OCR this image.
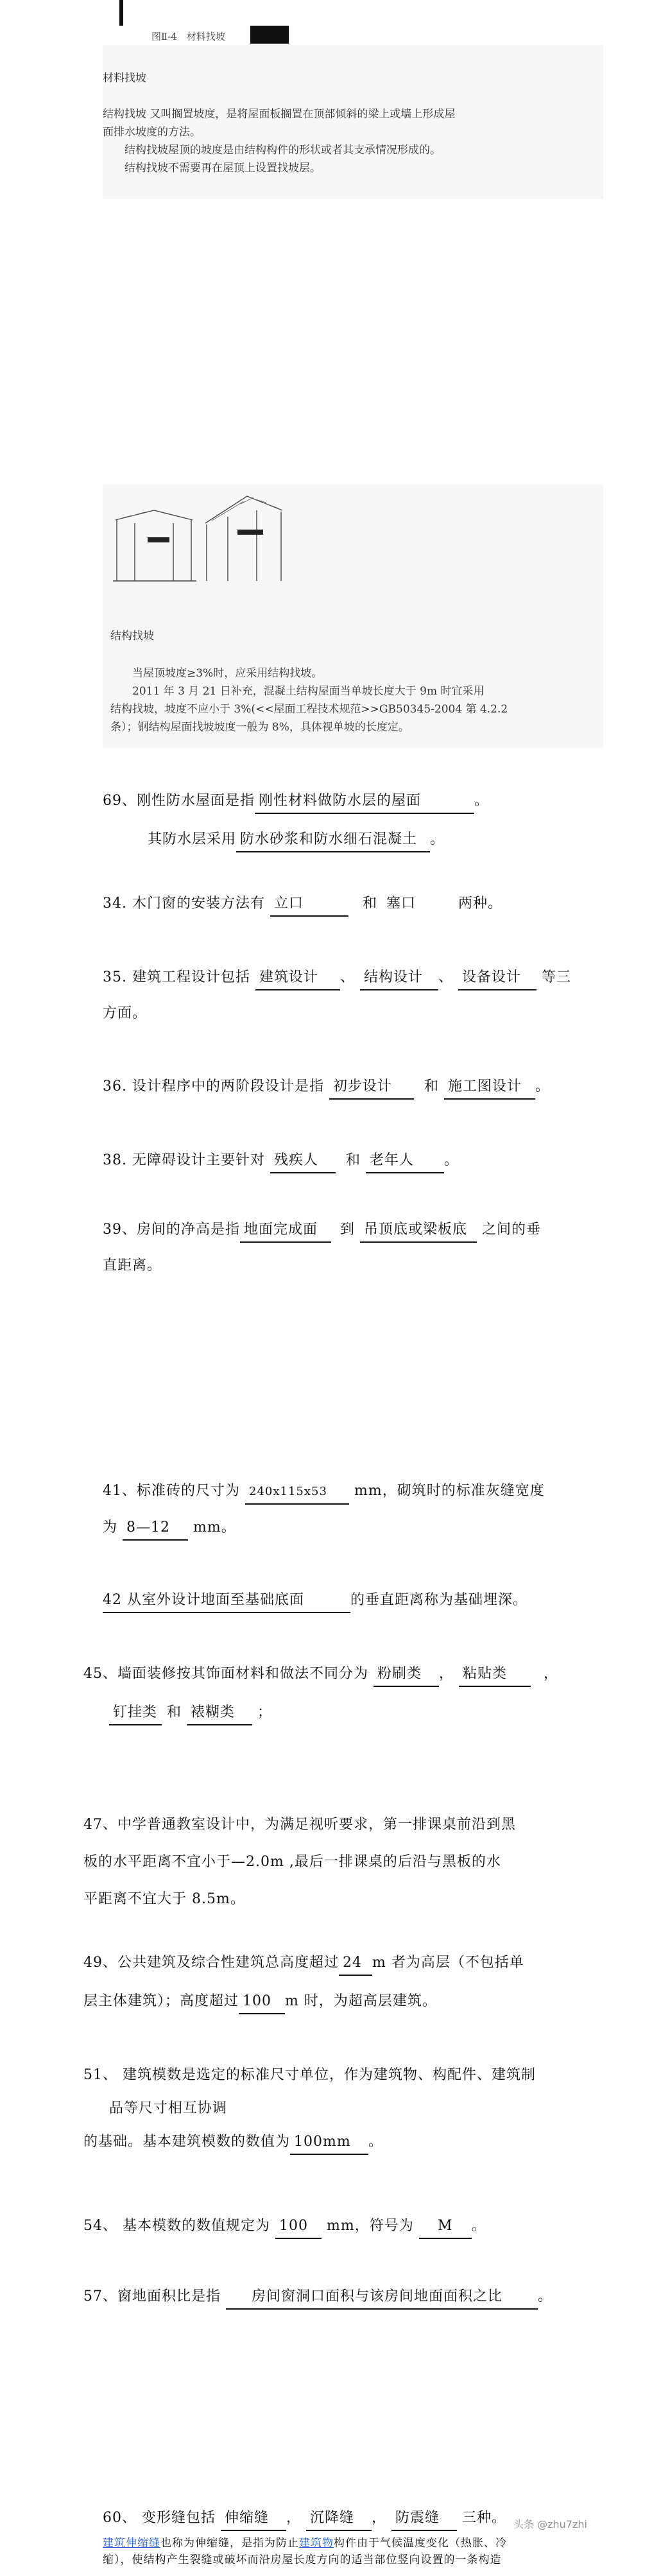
图Ⅱ-4　材料找坡

材料找坡

结构找坡 又叫搁置坡度，是将屋面板搁置在顶部倾斜的梁上或墙上形成屋

面排水坡度的方法。

结构找坡屋顶的坡度是由结构构件的形状或者其支承情况形成的。

结构找坡不需要再在屋顶上设置找坡层。

结构找坡

当屋顶坡度≥3%时，应采用结构找坡。

2011 年 3 月 21 日补充，混凝土结构屋面当单坡长度大于 9m 时宜采用

结构找坡，坡度不应小于 3%(<<屋面工程技术规范>>GB50345-2004 第 4.2.2

条）；钢结构屋面找坡坡度一般为 8%，具体视单坡的长度定。

69、刚性防水屋面是指 刚性材料做防水层的屋面	。

其防水层采用 防水砂浆和防水细石混凝土 。

34. 木门窗的安装方法有 立口	和 塞口	两种。

35. 建筑工程设计包括 建筑设计 、 结构设计 、 设备设计 等三

方面。

36. 设计程序中的两阶段设计是指 初步设计 和 施工图设计 。

38. 无障碍设计主要针对 残疾人 和 老年人 。

39、房间的净高是指 地面完成面 到 吊顶底或梁板底 之间的垂

直距离。

41、标准砖的尺寸为 240x115x53 mm，砌筑时的标准灰缝宽度

为 8—12 mm。

42 从室外设计地面至基础底面	的垂直距离称为基础埋深。

45、墙面装修按其饰面材料和做法不同分为 粉刷类 ， 粘贴类	，

钉挂类 和 裱糊类 ；

47、中学普通教室设计中，为满足视听要求，第一排课桌前沿到黑

板的水平距离不宜小于—2.0m ,最后一排课桌的后沿与黑板的水

平距离不宜大于 8.5m。

49、公共建筑及综合性建筑总高度超过 24 m 者为高层（不包括单

层主体建筑）；高度超过 100 m 时，为超高层建筑。

51、 建筑模数是选定的标准尺寸单位，作为建筑物、构配件、建筑制

品等尺寸相互协调

的基础。基本建筑模数的数值为 100mm 。

54、 基本模数的数值规定为 100 mm，符号为 M 。

57、窗地面积比是指 房间窗洞口面积与该房间地面面积之比 。

60、 变形缝包括 伸缩缝 ， 沉降缝 ， 防震缝 三种。

建筑伸缩缝也称为伸缩缝，是指为防止建筑物构件由于气候温度变化（热胀、冷

缩），使结构产生裂缝或破坏而沿房屋长度方向的适当部位竖向设置的一条构造

头条 @zhu7zhi
